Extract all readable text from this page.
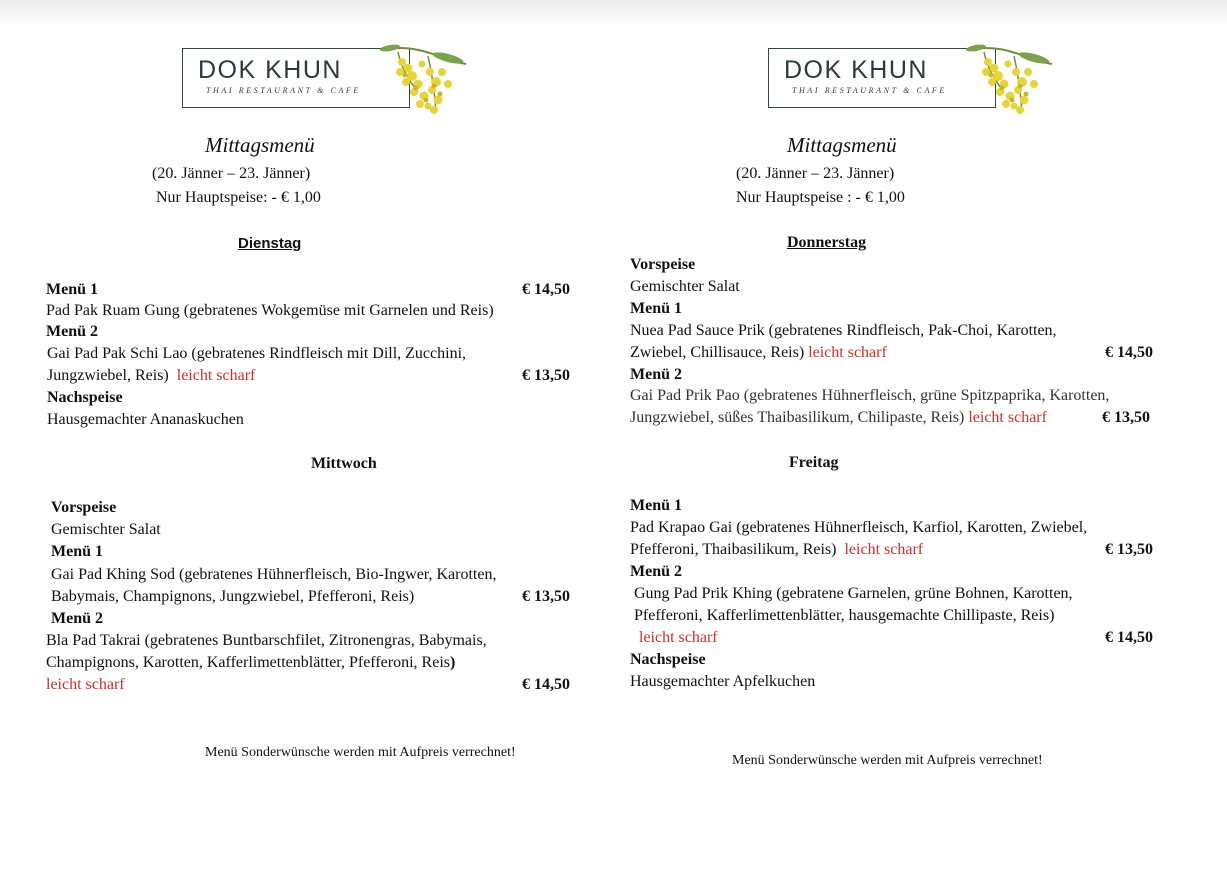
DOK KHUN
THAI RESTAURANT & CAFE
Mittagsmenü
(20. Jänner – 23. Jänner)
Nur Hauptspeise: - € 1,00
Dienstag
Menü 1	€ 14,50
Pad Pak Ruam Gung (gebratenes Wokgemüse mit Garnelen und Reis)
Menü 2
Gai Pad Pak Schi Lao (gebratenes Rindfleisch mit Dill, Zucchini,
Jungzwiebel, Reis) leicht scharf	€ 13,50
Nachspeise
Hausgemachter Ananaskuchen
Mittwoch
Vorspeise
Gemischter Salat
Menü 1
Gai Pad Khing Sod (gebratenes Hühnerfleisch, Bio-Ingwer, Karotten,
Babymais, Champignons, Jungzwiebel, Pfefferoni, Reis)	€ 13,50
Menü 2
Bla Pad Takrai (gebratenes Buntbarschfilet, Zitronengras, Babymais,
Champignons, Karotten, Kafferlimettenblätter, Pfefferoni, Reis)
leicht scharf	€ 14,50
Menü Sonderwünsche werden mit Aufpreis verrechnet!
DOK KHUN
THAI RESTAURANT & CAFE
Mittagsmenü
(20. Jänner – 23. Jänner)
Nur Hauptspeise : - € 1,00
Donnerstag
Vorspeise
Gemischter Salat
Menü 1
Nuea Pad Sauce Prik (gebratenes Rindfleisch, Pak-Choi, Karotten,
Zwiebel, Chillisauce, Reis) leicht scharf	€ 14,50
Menü 2
Gai Pad Prik Pao (gebratenes Hühnerfleisch, grüne Spitzpaprika, Karotten,
Jungzwiebel, süßes Thaibasilikum, Chilipaste, Reis) leicht scharf	€ 13,50
Freitag
Menü 1
Pad Krapao Gai (gebratenes Hühnerfleisch, Karfiol, Karotten, Zwiebel,
Pfefferoni, Thaibasilikum, Reis) leicht scharf	€ 13,50
Menü 2
Gung Pad Prik Khing (gebratene Garnelen, grüne Bohnen, Karotten,
Pfefferoni, Kafferlimettenblätter, hausgemachte Chillipaste, Reis)
leicht scharf	€ 14,50
Nachspeise
Hausgemachter Apfelkuchen
Menü Sonderwünsche werden mit Aufpreis verrechnet!
